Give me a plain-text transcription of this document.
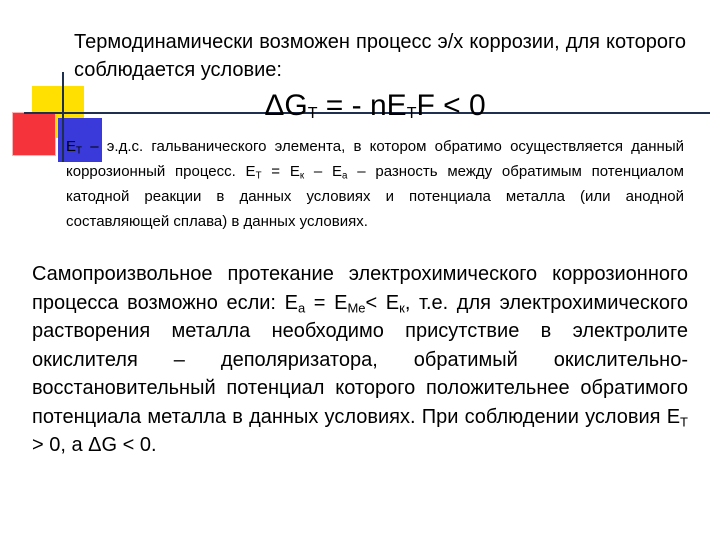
Термодинамически возможен процесс э/х коррозии, для которого соблюдается условие:
$\Delta G_T$ = - $nE_TF < 0$
$E_T - э.д.с$. гальванического элемента, в котором обратимо осуществляется данный коррозионный процесс. $E_T = E_к - E_а$ – разность между обратимым потенциалом катодной реакции в данных условиях и потенциала металла (или анодной составляющей сплава) в данных условиях.
Самопроизвольное протекание электрохимического коррозионного процесса возможно если: $E_a = E_{Me}< E_к$, т.е. для электрохимического растворения металла необходимо присутствие в электролите окислителя – деполяризатора, обратимый окислительно-восстановительный потенциал которого положительнее обратимого потенциала металла в данных условиях. При соблюдении условия $E_T > 0$, а ΔG < 0.
